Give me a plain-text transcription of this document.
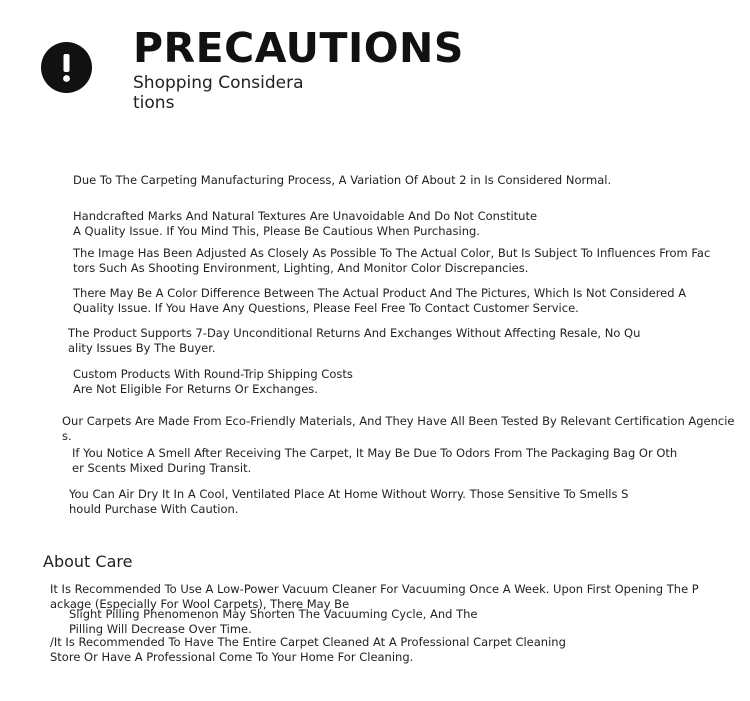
PRECAUTIONS
Shopping Considerations

Due To The Carpeting Manufacturing Process, A Variation Of About 2 in Is Considered Normal.

Handcrafted Marks And Natural Textures Are Unavoidable And Do Not Constitute A Quality Issue. If You Mind This, Please Be Cautious When Purchasing.

The Image Has Been Adjusted As Closely As Possible To The Actual Color, But Is Subject To Influences From Factors Such As Shooting Environment, Lighting, And Monitor Color Discrepancies.

There May Be A Color Difference Between The Actual Product And The Pictures, Which Is Not Considered A Quality Issue. If You Have Any Questions, Please Feel Free To Contact Customer Service.

The Product Supports 7-Day Unconditional Returns And Exchanges Without Affecting Resale, No Quality Issues By The Buyer.

Custom Products With Round-Trip Shipping Costs Are Not Eligible For Returns Or Exchanges.

Our Carpets Are Made From Eco-Friendly Materials, And They Have All Been Tested By Relevant Certification Agencies.

If You Notice A Smell After Receiving The Carpet, It May Be Due To Odors From The Packaging Bag Or Other Scents Mixed During Transit.

You Can Air Dry It In A Cool, Ventilated Place At Home Without Worry. Those Sensitive To Smells Should Purchase With Caution.

About Care

It Is Recommended To Use A Low-Power Vacuum Cleaner For Vacuuming Once A Week. Upon First Opening The Package (Especially For Wool Carpets), There May Be

Slight Pilling Phenomenon May Shorten The Vacuuming Cycle, And The Pilling Will Decrease Over Time.

/It Is Recommended To Have The Entire Carpet Cleaned At A Professional Carpet Cleaning Store Or Have A Professional Come To Your Home For Cleaning.
